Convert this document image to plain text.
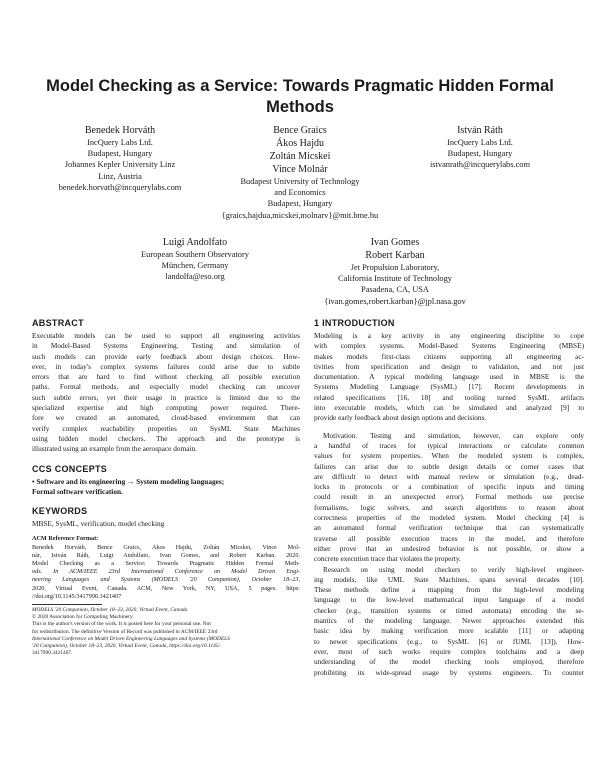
Model Checking as a Service: Towards Pragmatic Hidden Formal
Methods
Benedek Horváth
IncQuery Labs Ltd.
Budapest, Hungary
Johannes Kepler University Linz
Linz, Austria
benedek.horvath@incquerylabs.com
Bence Graics
Ákos Hajdu
Zoltán Micskei
Vince Molnár
Budapest University of Technology
and Economics
Budapest, Hungary
{graics,hajdua,micskei,molnarv}@mit.bme.hu
István Ráth
IncQuery Labs Ltd.
Budapest, Hungary
istvanrath@incquerylabs.com
Luigi Andolfato
European Southern Observatory
München, Germany
landolfa@eso.org
Ivan Gomes
Robert Karban
Jet Propulsion Laboratory,
California Institute of Technology
Pasadena, CA, USA
{ivan.gomes,robert.karban}@jpl.nasa.gov
ABSTRACT
Executable models can be used to support all engineering activities
in Model-Based Systems Engineering. Testing and simulation of
such models can provide early feedback about design choices. How-
ever, in today's complex systems failures could arise due to subtle
errors that are hard to find without checking all possible execution
paths. Formal methods, and especially model checking can uncover
such subtle errors, yet their usage in practice is limited due to the
specialized expertise and high computing power required. There-
fore we created an automated, cloud-based environment that can
verify complex reachability properties on SysML State Machines
using hidden model checkers. The approach and the prototype is
illustrated using an example from the aerospace domain.
CCS CONCEPTS
• Software and its engineering → System modeling languages;
Formal software verification.
KEYWORDS
MBSE, SysML, verification, model checking
ACM Reference Format:
Benedek Horváth, Bence Graics, Ákos Hajdu, Zoltán Micskei, Vince Mol-
nár, István Ráth, Luigi Andolfato, Ivan Gomes, and Robert Karban. 2020.
Model Checking as a Service: Towards Pragmatic Hidden Formal Meth-
ods. In ACM/IEEE 23rd International Conference on Model Driven Engi-
neering Languages and Systems (MODELS '20 Companion), October 18–23,
2020, Virtual Event, Canada. ACM, New York, NY, USA, 5 pages. https:
//doi.org/10.1145/3417990.3421407
MODELS '20 Companion, October 18–23, 2020, Virtual Event, Canada
© 2020 Association for Computing Machinery.
This is the author's version of the work. It is posted here for your personal use. Not
for redistribution. The definitive Version of Record was published in ACM/IEEE 23rd
International Conference on Model Driven Engineering Languages and Systems (MODELS
'20 Companion), October 18–23, 2020, Virtual Event, Canada, https://doi.org/10.1145/
3417990.3421407.
1 INTRODUCTION
Modeling is a key activity in any engineering discipline to cope
with complex systems. Model-Based Systems Engineering (MBSE)
makes models first-class citizens supporting all engineering ac-
tivities from specification and design to validation, and not just
documentation. A typical modeling language used in MBSE is the
Systems Modeling Language (SysML) [17]. Recent developments in
related specifications [16, 18] and tooling turned SysML artifacts
into executable models, which can be simulated and analyzed [9] to
provide early feedback about design options and decisions.
Motivation. Testing and simulation, however, can explore only
a handful of traces for typical interactions or calculate common
values for system properties. When the modeled system is complex,
failures can arise due to subtle design details or corner cases that
are difficult to detect with manual review or simulation (e.g., dead-
locks in protocols or a combination of specific inputs and timing
could result in an unexpected error). Formal methods use precise
formalisms, logic solvers, and search algorithms to reason about
correctness properties of the modeled system. Model checking [4] is
an automated formal verification technique that can systematically
traverse all possible execution traces in the model, and therefore
either prove that an undesired behavior is not possible, or show a
concrete execution trace that violates the property.
Research on using model checkers to verify high-level engineer-
ing models, like UML State Machines, spans several decades [10].
These methods define a mapping from the high-level modeling
language to the low-level mathematical input language of a model
checker (e.g., transition systems or timed automata) encoding the se-
mantics of the modeling language. Newer approaches extended this
basic idea by making verification more scalable [11] or adapting
to newer specifications (e.g., to SysML [6] or fUML [13]). How-
ever, most of such works require complex toolchains and a deep
understanding of the model checking tools employed, therefore
prohibiting its wide-spread usage by systems engineers. To counter
